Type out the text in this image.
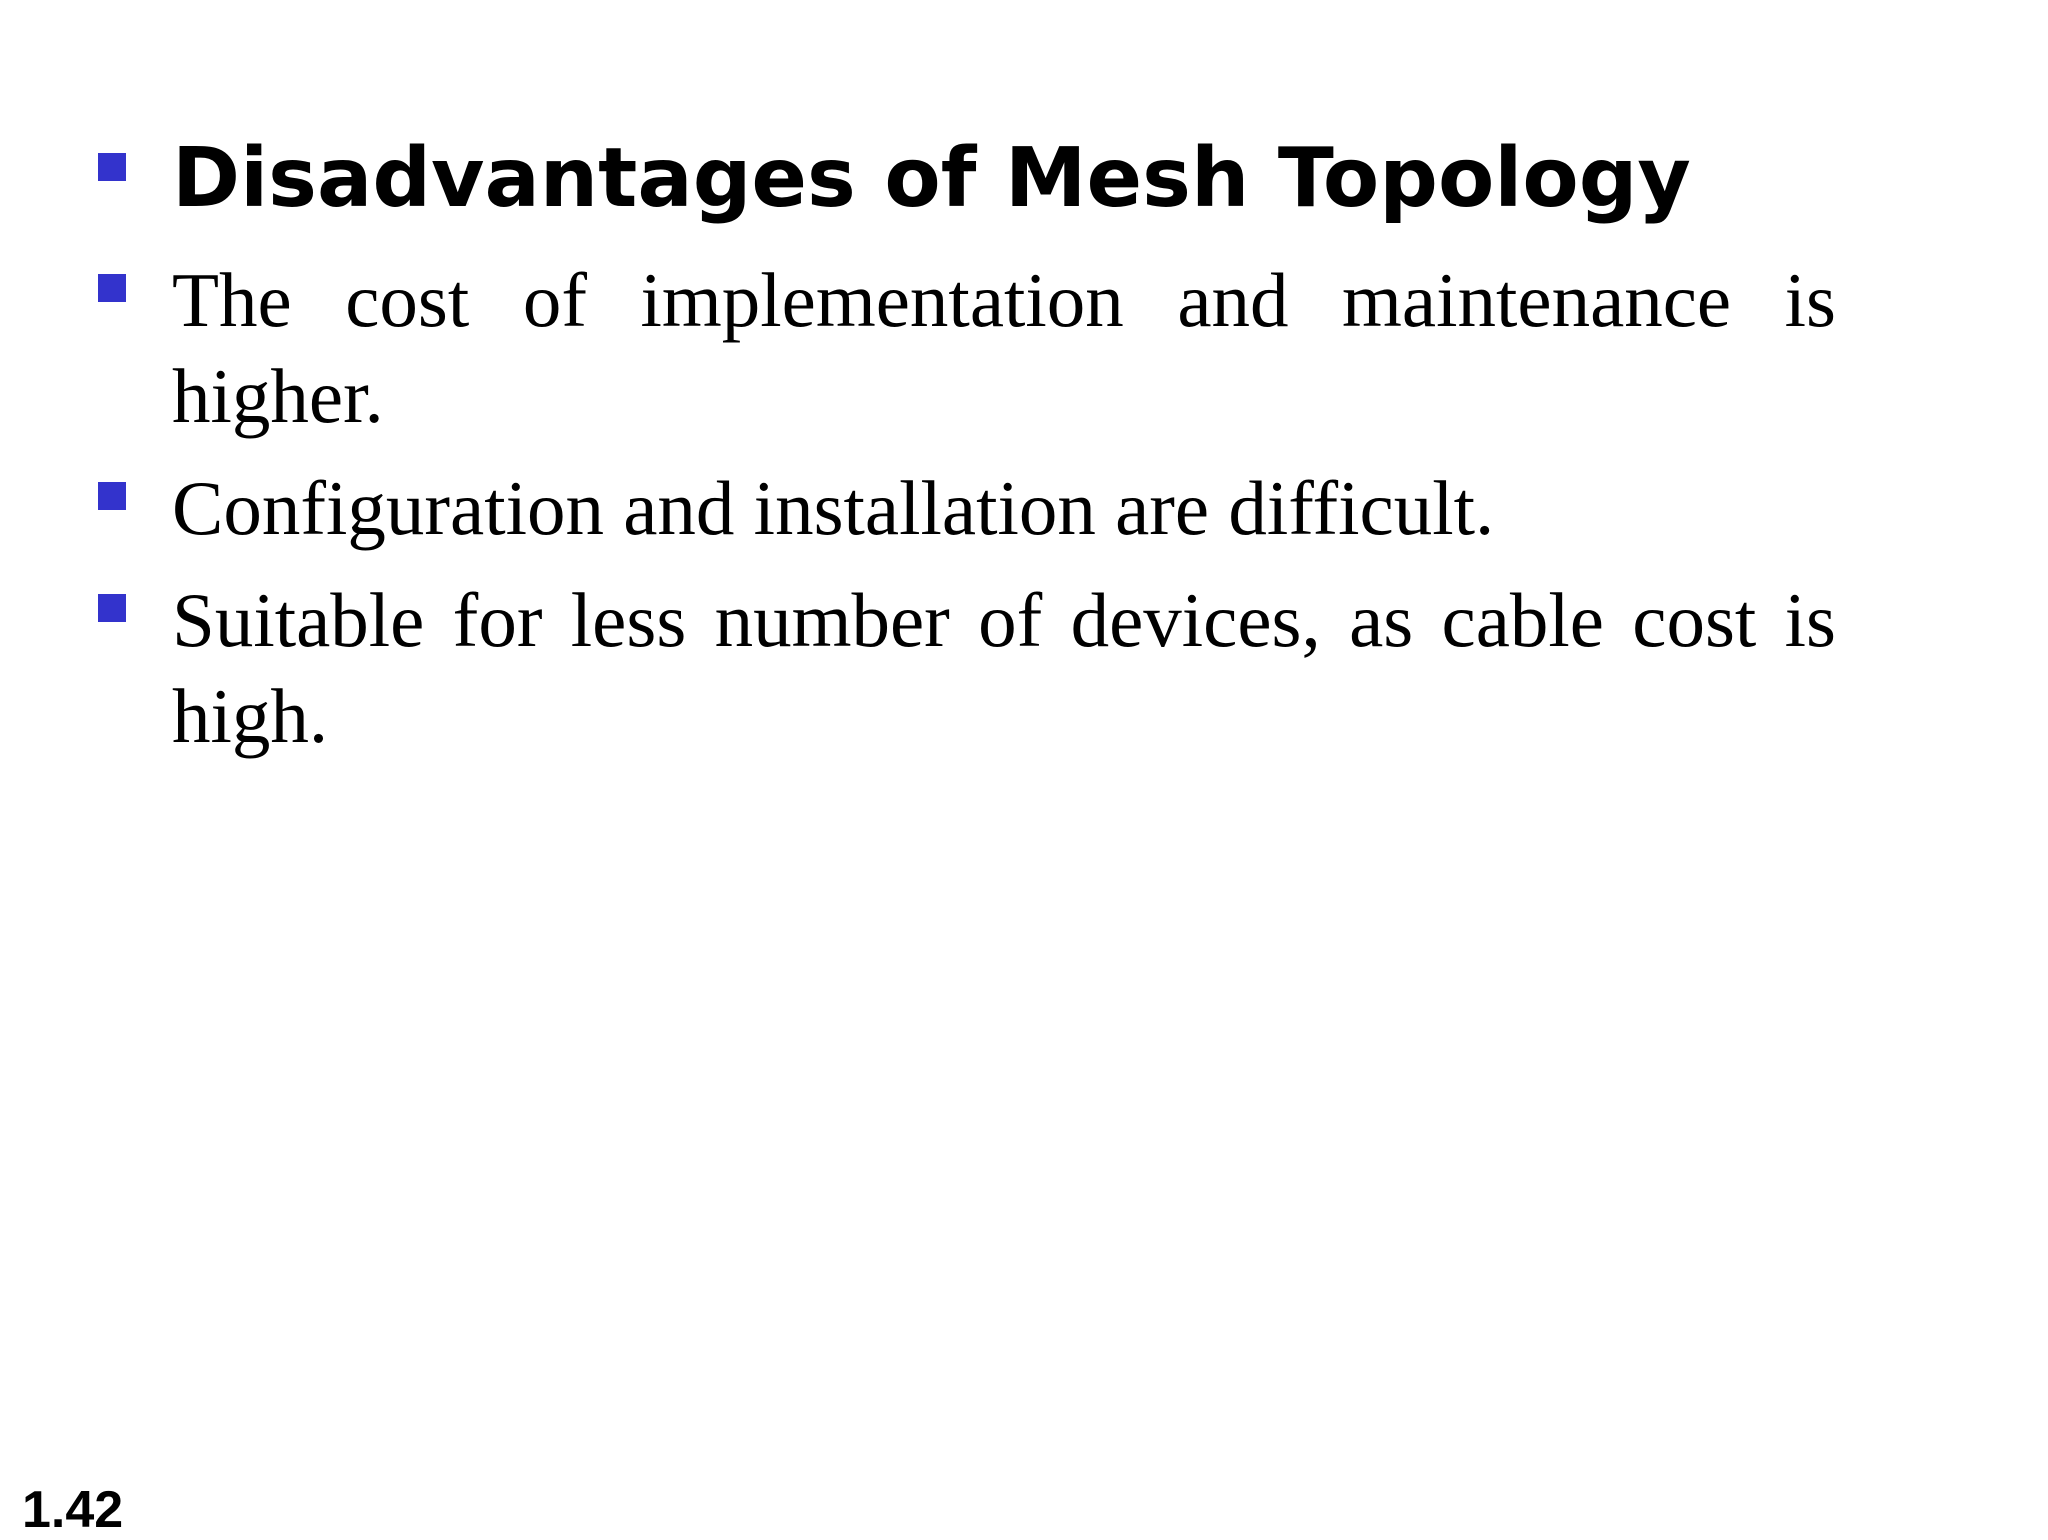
Disadvantages of Mesh Topology
The cost of implementation and maintenance is higher.
Configuration and installation are difficult.
Suitable for less number of devices, as cable cost is high.
1.42
